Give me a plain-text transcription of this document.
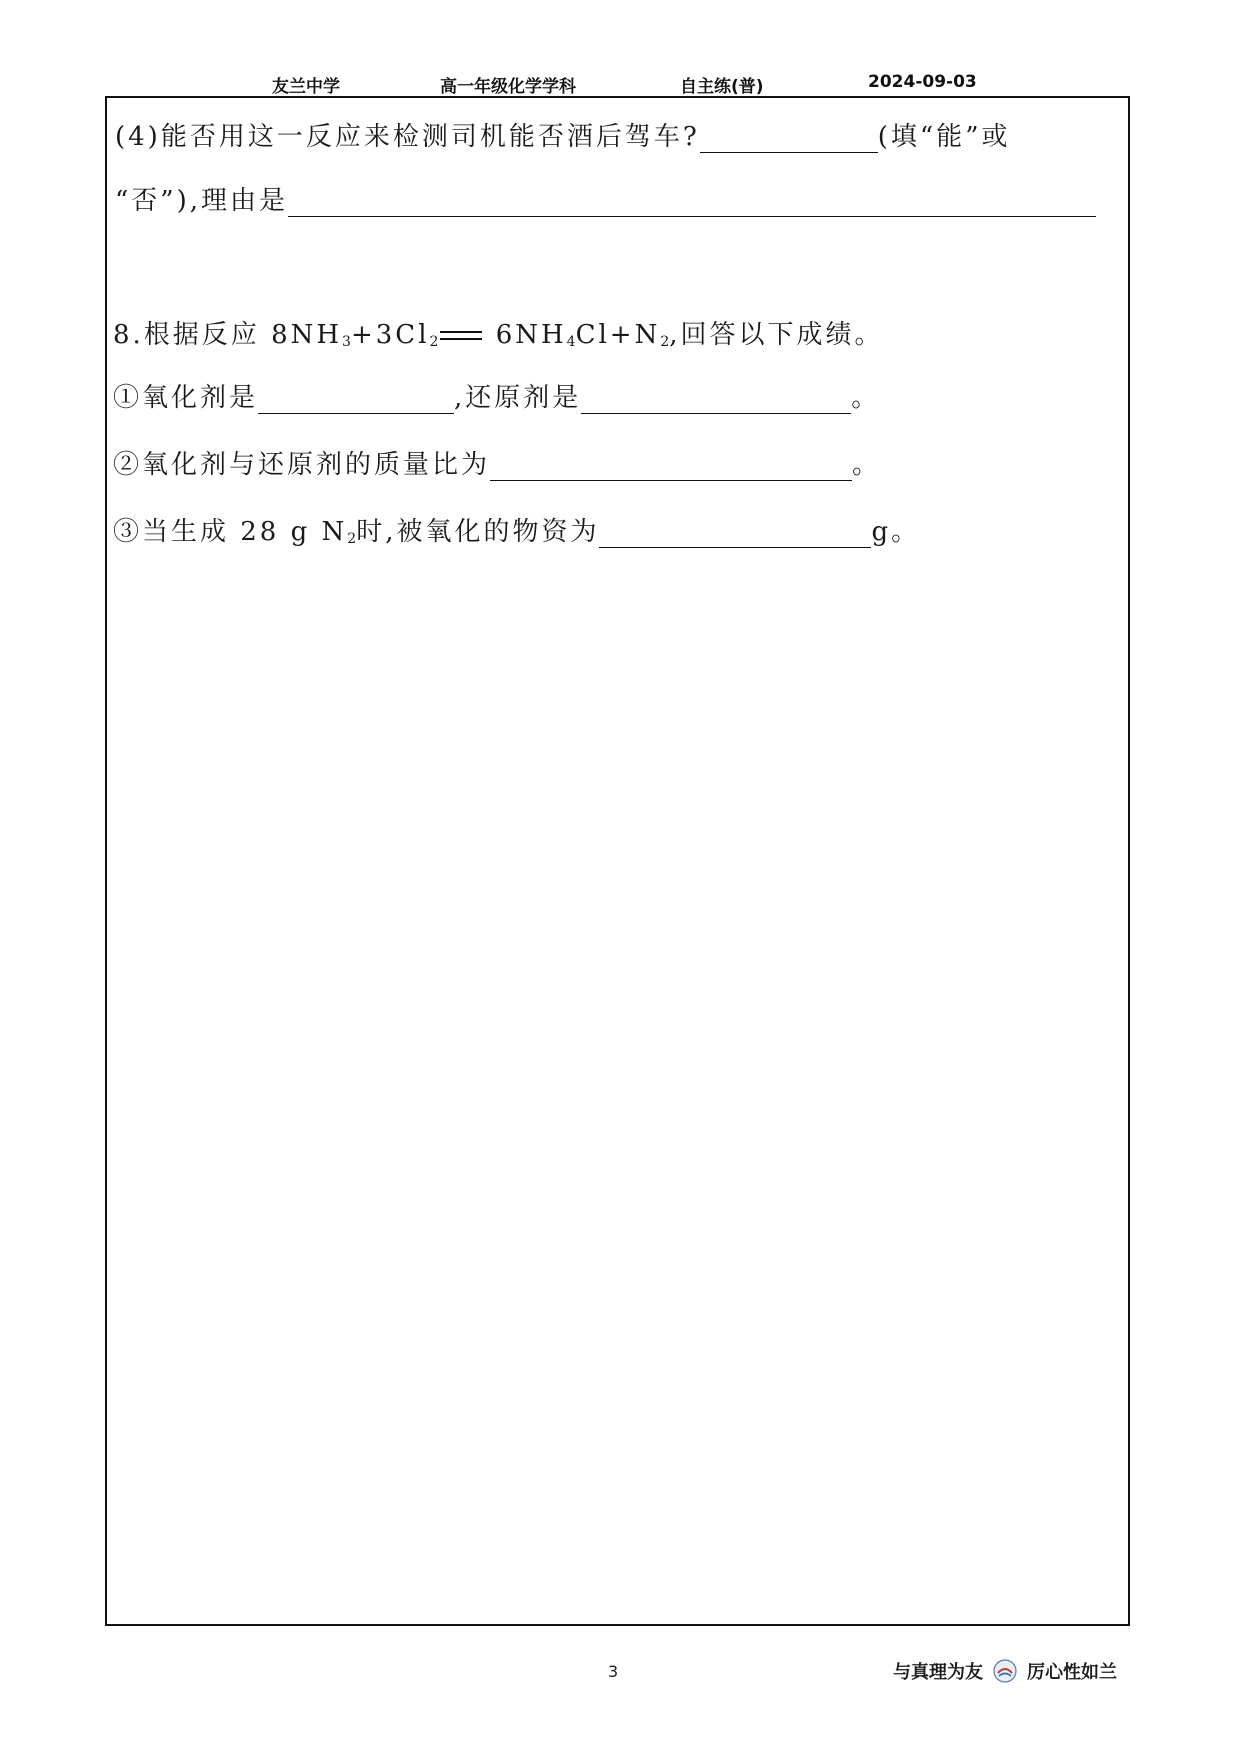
友兰中学	高一年级化学学科	自主练(普)	2024-09-03
(4)能否用这一反应来检测司机能否酒后驾车?	(填“能”或
“否”),理由是
8.根据反应 $8NH_3+3Cl_2$ $6NH_4Cl+N_2$,回答以下成绩。
①氧化剂是	,还原剂是	。
②氧化剂与还原剂的质量比为	。
③当生成 28 g $N_2$时,被氧化的物资为	g。
3	与真理为友 厉心性如兰
